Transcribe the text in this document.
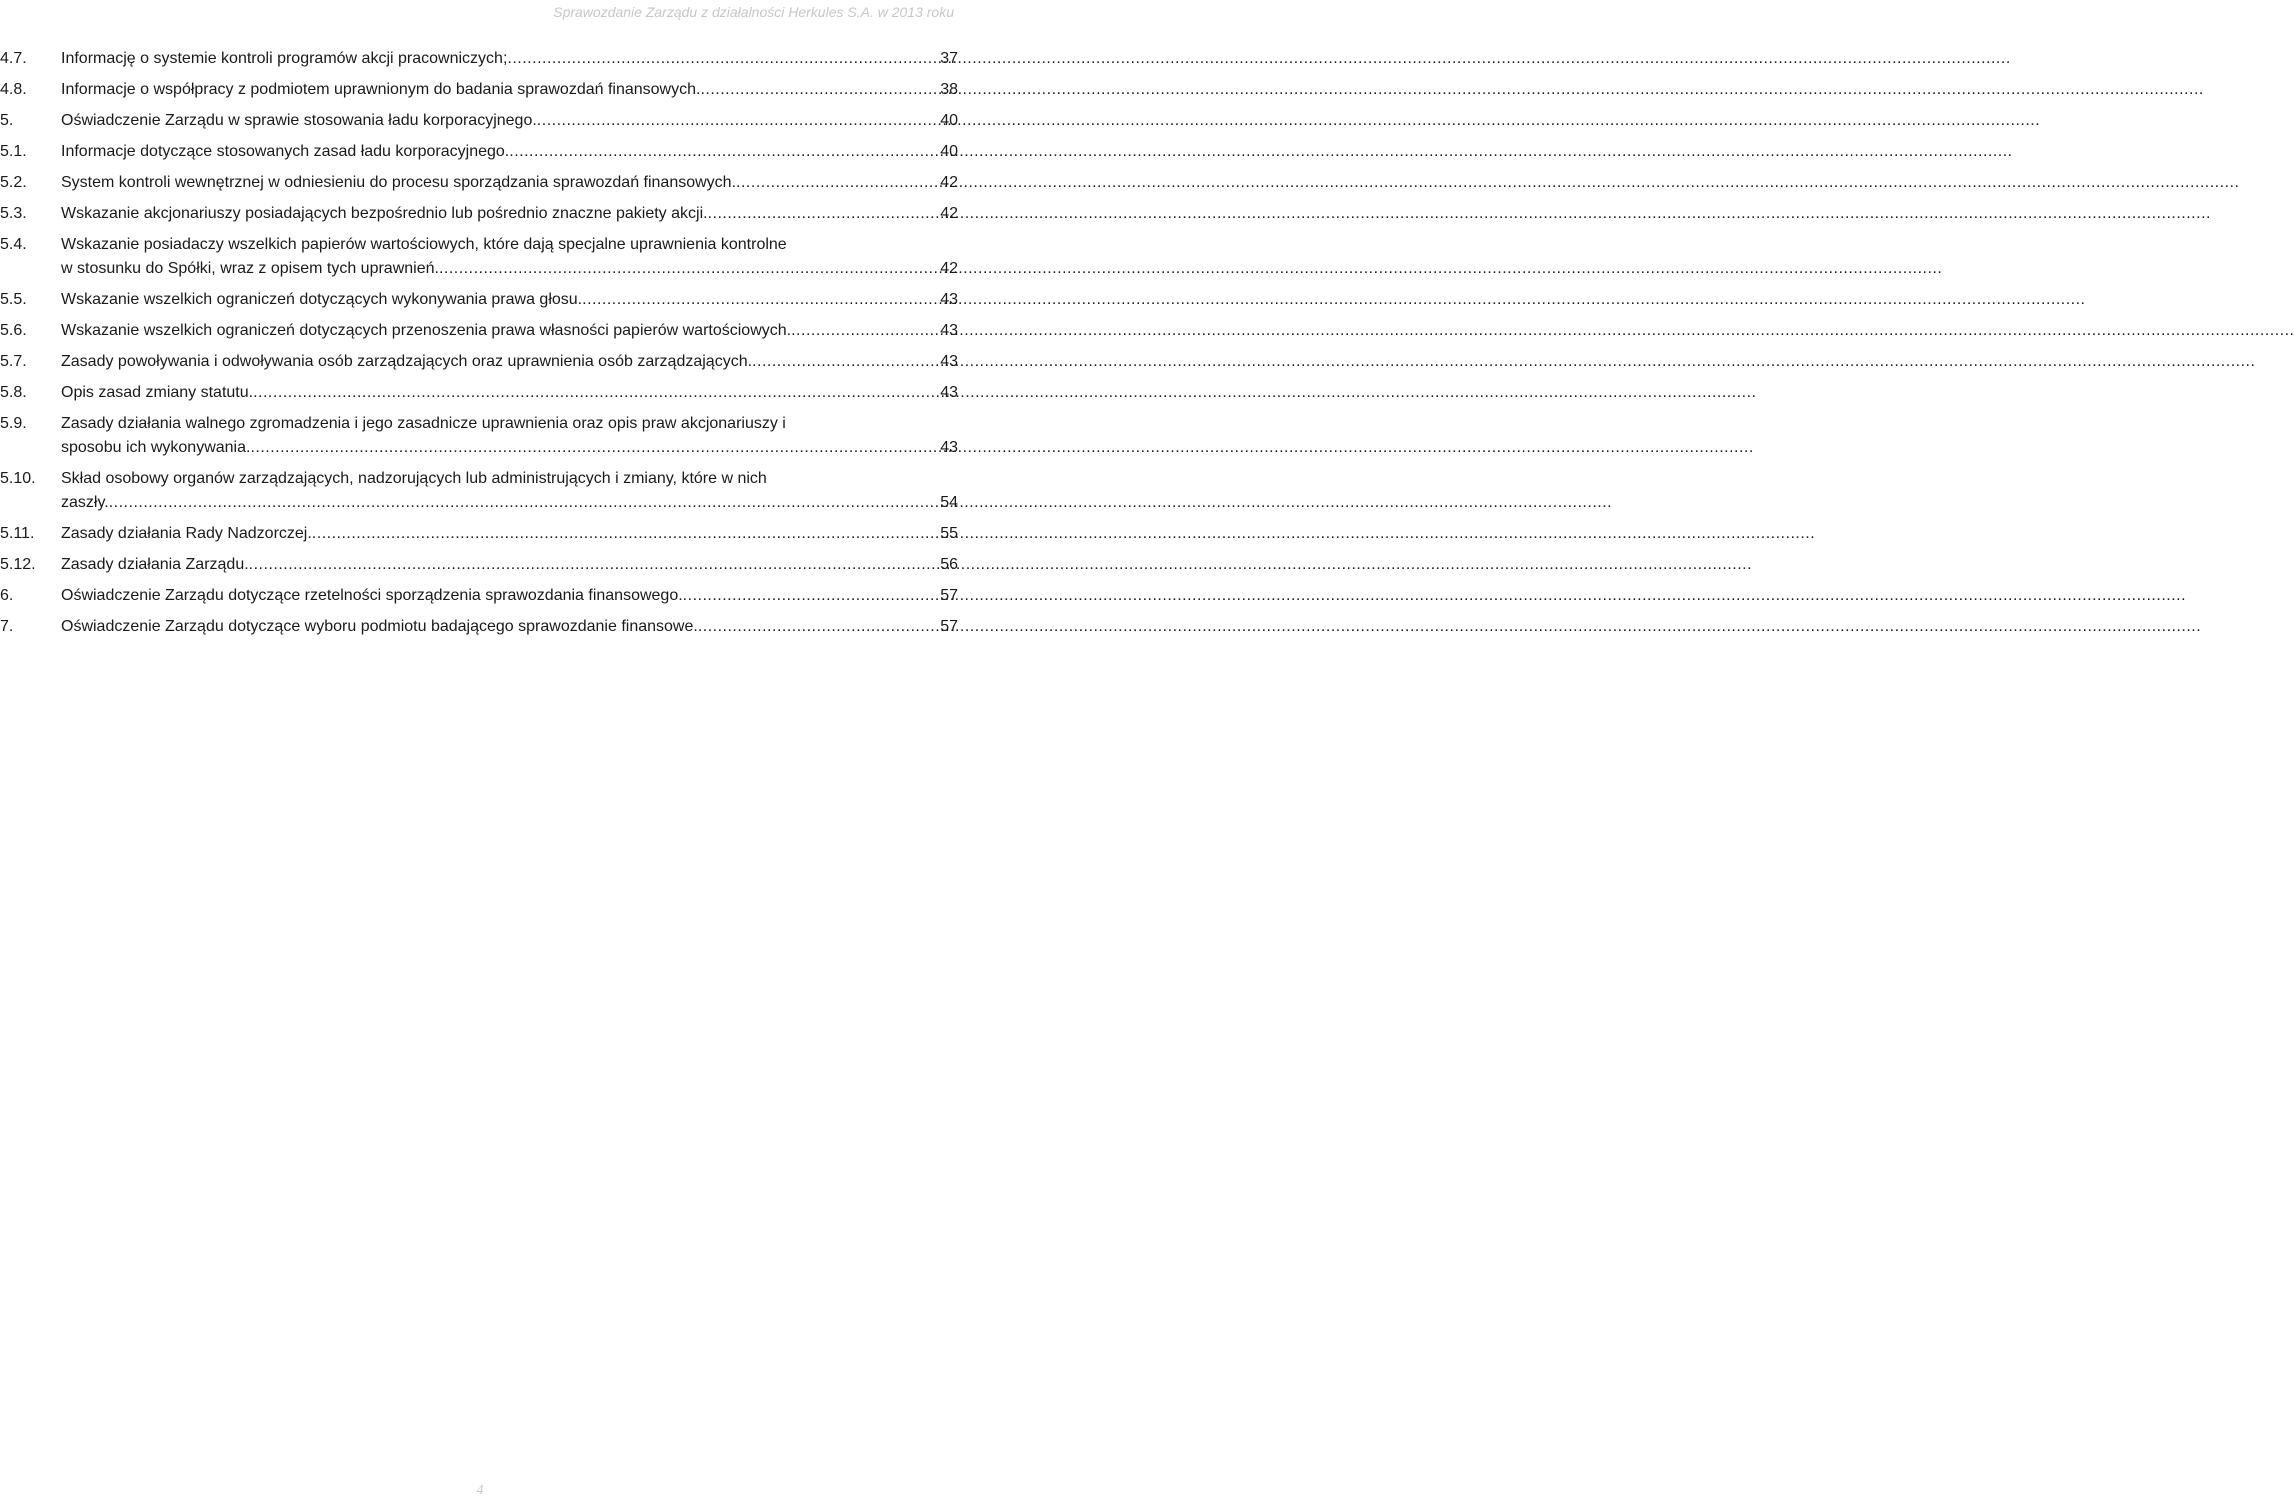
Sprawozdanie Zarządu z działalności Herkules S.A. w 2013 roku
4.7.	Informację o systemie kontroli programów akcji pracowniczych; .....	37
4.8.	Informacje o współpracy z podmiotem uprawnionym do badania sprawozdań finansowych. .....	38
5.	Oświadczenie Zarządu w sprawie stosowania ładu korporacyjnego. .....	40
5.1.	Informacje dotyczące stosowanych zasad ładu korporacyjnego. .....	40
5.2.	System kontroli wewnętrznej w odniesieniu do procesu sporządzania sprawozdań finansowych. .....	42
5.3.	Wskazanie akcjonariuszy posiadających bezpośrednio lub pośrednio znaczne pakiety akcji. .....	42
5.4.	Wskazanie posiadaczy wszelkich papierów wartościowych, które dają specjalne uprawnienia kontrolne
w stosunku do Spółki, wraz z opisem tych uprawnień. .....	42
5.5.	Wskazanie wszelkich ograniczeń dotyczących wykonywania prawa głosu. .....	43
5.6.	Wskazanie wszelkich ograniczeń dotyczących przenoszenia prawa własności papierów wartościowych. .....	43
5.7.	Zasady powoływania i odwoływania osób zarządzających oraz uprawnienia osób zarządzających. .....	43
5.8.	Opis zasad zmiany statutu. .....	43
5.9.	Zasady działania walnego zgromadzenia i jego zasadnicze uprawnienia oraz opis praw akcjonariuszy i
sposobu ich wykonywania. .....	43
5.10.	Skład osobowy organów zarządzających, nadzorujących lub administrujących i zmiany, które w nich
zaszły. .....	54
5.11.	Zasady działania Rady Nadzorczej. .....	55
5.12.	Zasady działania Zarządu. .....	56
6.	Oświadczenie Zarządu dotyczące rzetelności sporządzenia sprawozdania finansowego. .....	57
7.	Oświadczenie Zarządu dotyczące wyboru podmiotu badającego sprawozdanie finansowe. .....	57
4
